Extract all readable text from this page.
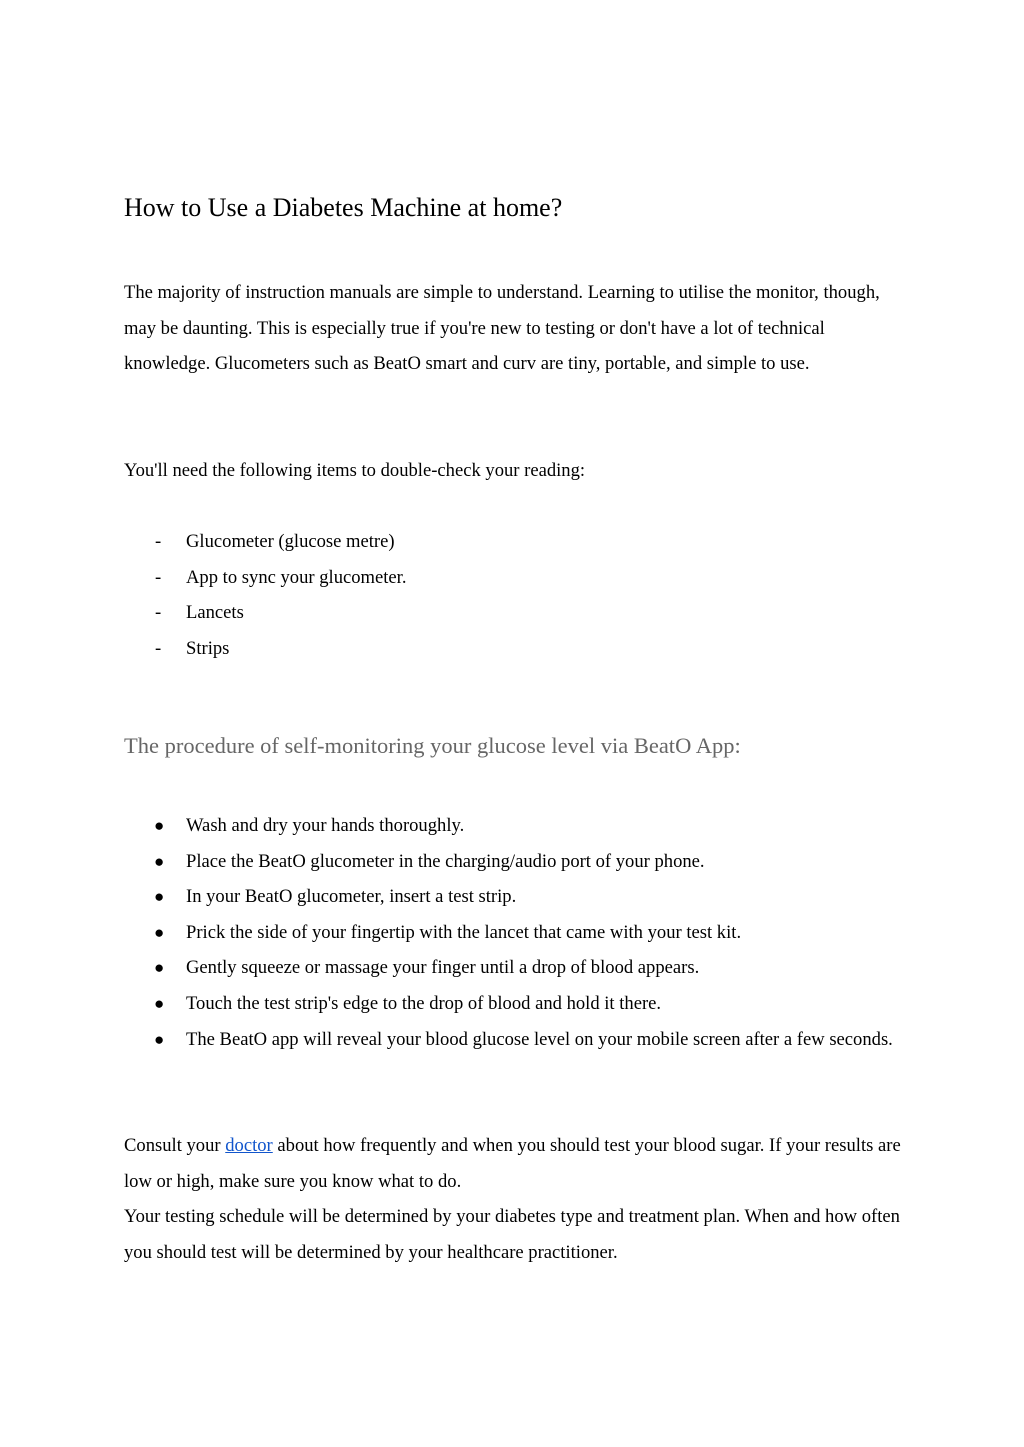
How to Use a Diabetes Machine at home?

The majority of instruction manuals are simple to understand. Learning to utilise the monitor, though, may be daunting. This is especially true if you're new to testing or don't have a lot of technical knowledge. Glucometers such as BeatO smart and curv are tiny, portable, and simple to use.

You'll need the following items to double-check your reading:

- Glucometer (glucose metre)
- App to sync your glucometer.
- Lancets
- Strips
The procedure of self-monitoring your glucose level via BeatO App:
● Wash and dry your hands thoroughly.
● Place the BeatO glucometer in the charging/audio port of your phone.
● In your BeatO glucometer, insert a test strip.
● Prick the side of your fingertip with the lancet that came with your test kit.
● Gently squeeze or massage your finger until a drop of blood appears.
● Touch the test strip's edge to the drop of blood and hold it there.
● The BeatO app will reveal your blood glucose level on your mobile screen after a few seconds.

Consult your doctor about how frequently and when you should test your blood sugar. If your results are low or high, make sure you know what to do.
Your testing schedule will be determined by your diabetes type and treatment plan. When and how often you should test will be determined by your healthcare practitioner.
